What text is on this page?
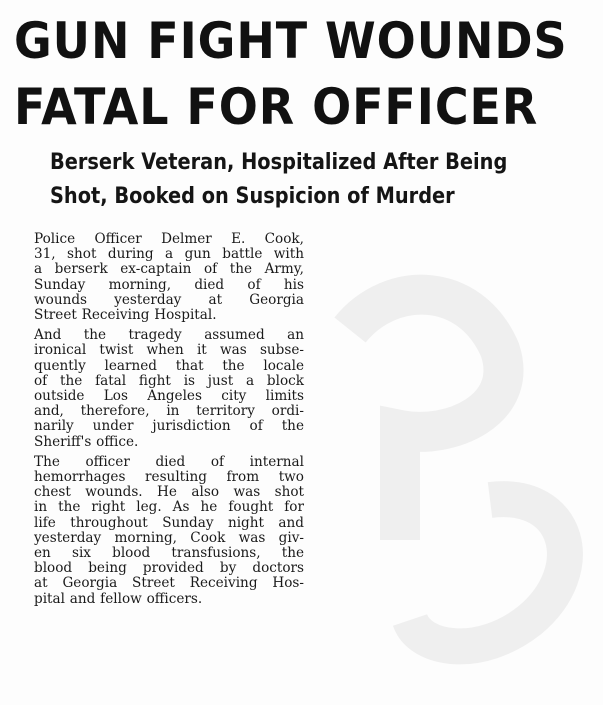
GUN FIGHT WOUNDS
FATAL FOR OFFICER
Berserk Veteran, Hospitalized After Being
Shot, Booked on Suspicion of Murder
Police Officer Delmer E. Cook,
31, shot during a gun battle with
a berserk ex-captain of the Army,
Sunday morning, died of his
wounds yesterday at Georgia
Street Receiving Hospital.
And the tragedy assumed an
ironical twist when it was subse-
quently learned that the locale
of the fatal fight is just a block
outside Los Angeles city limits
and, therefore, in territory ordi-
narily under jurisdiction of the
Sheriff's office.
The officer died of internal
hemorrhages resulting from two
chest wounds. He also was shot
in the right leg. As he fought for
life throughout Sunday night and
yesterday morning, Cook was giv-
en six blood transfusions, the
blood being provided by doctors
at Georgia Street Receiving Hos-
pital and fellow officers.
